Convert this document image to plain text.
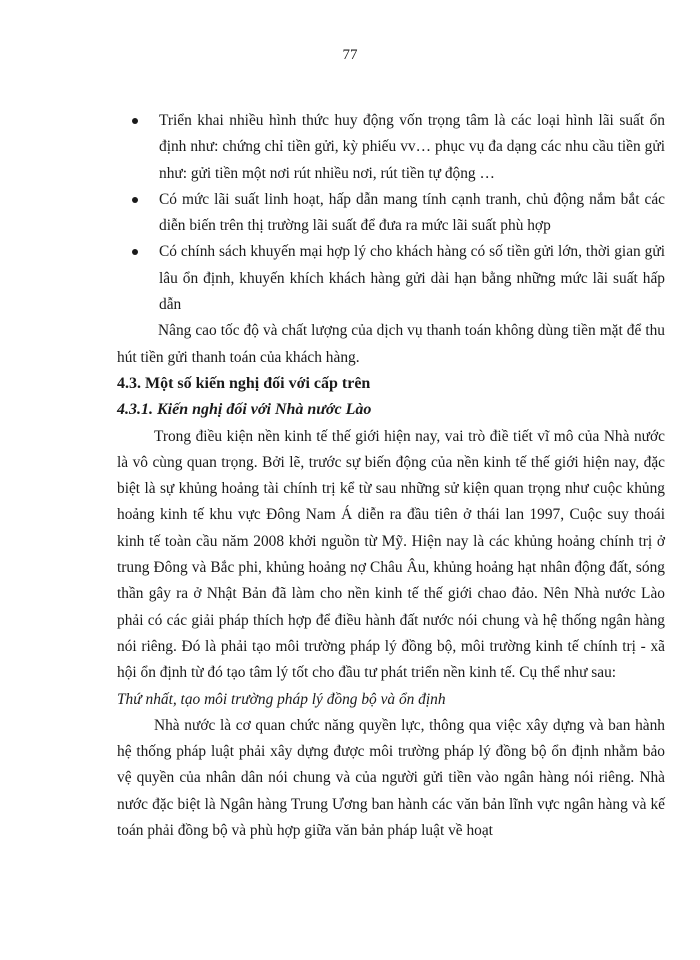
77
Triển khai nhiều hình thức huy động vốn trọng tâm là các loại hình lãi suất ổn định như: chứng chỉ tiền gửi, kỳ phiếu vv… phục vụ đa dạng các nhu cầu tiền gửi như: gửi tiền một nơi rút nhiều nơi, rút tiền tự động …
Có mức lãi suất linh hoạt, hấp dẫn mang tính cạnh tranh, chủ động nắm bắt các diễn biến trên thị trường lãi suất để đưa ra mức lãi suất phù hợp
Có chính sách khuyến mại hợp lý cho khách hàng có số tiền gửi lớn, thời gian gửi lâu ổn định, khuyến khích khách hàng gửi dài hạn bằng những mức lãi suất hấp dẫn

Nâng cao tốc độ và chất lượng của dịch vụ thanh toán không dùng tiền mặt để thu hút tiền gửi thanh toán của khách hàng.

4.3. Một số kiến nghị đối với cấp trên
4.3.1. Kiến nghị đối với Nhà nước Lào

Trong điều kiện nền kinh tế thế giới hiện nay, vai trò điề tiết vĩ mô của Nhà nước là vô cùng quan trọng. Bởi lẽ, trước sự biến động của nền kinh tế thế giới hiện nay, đặc biệt là sự khủng hoảng tài chính trị kể từ sau những sử kiện quan trọng như cuộc khủng hoảng kinh tế khu vực Đông Nam Á diễn ra đầu tiên ở thái lan 1997, Cuộc suy thoái kinh tế toàn cầu năm 2008 khởi nguồn từ Mỹ. Hiện nay là các khủng hoảng chính trị ở trung Đông và Bắc phi, khủng hoảng nợ Châu Âu, khủng hoảng hạt nhân động đất, sóng thần gây ra ở Nhật Bản đã làm cho nền kinh tế thế giới chao đảo. Nên Nhà nước Lào phải có các giải pháp thích hợp để điều hành đất nước nói chung và hệ thống ngân hàng nói riêng. Đó là phải tạo môi trường pháp lý đồng bộ, môi trường kinh tế chính trị - xã hội ổn định từ đó tạo tâm lý tốt cho đầu tư phát triển nền kinh tế. Cụ thể như sau:

Thứ nhất, tạo môi trường pháp lý đồng bộ và ổn định

Nhà nước là cơ quan chức năng quyền lực, thông qua việc xây dựng và ban hành hệ thống pháp luật phải xây dựng được môi trường pháp lý đồng bộ ổn định nhằm bảo vệ quyền của nhân dân nói chung và của người gửi tiền vào ngân hàng nói riêng. Nhà nước đặc biệt là Ngân hàng Trung Ương ban hành các văn bản lĩnh vực ngân hàng và kế toán phải đồng bộ và phù hợp giữa văn bản pháp luật về hoạt
